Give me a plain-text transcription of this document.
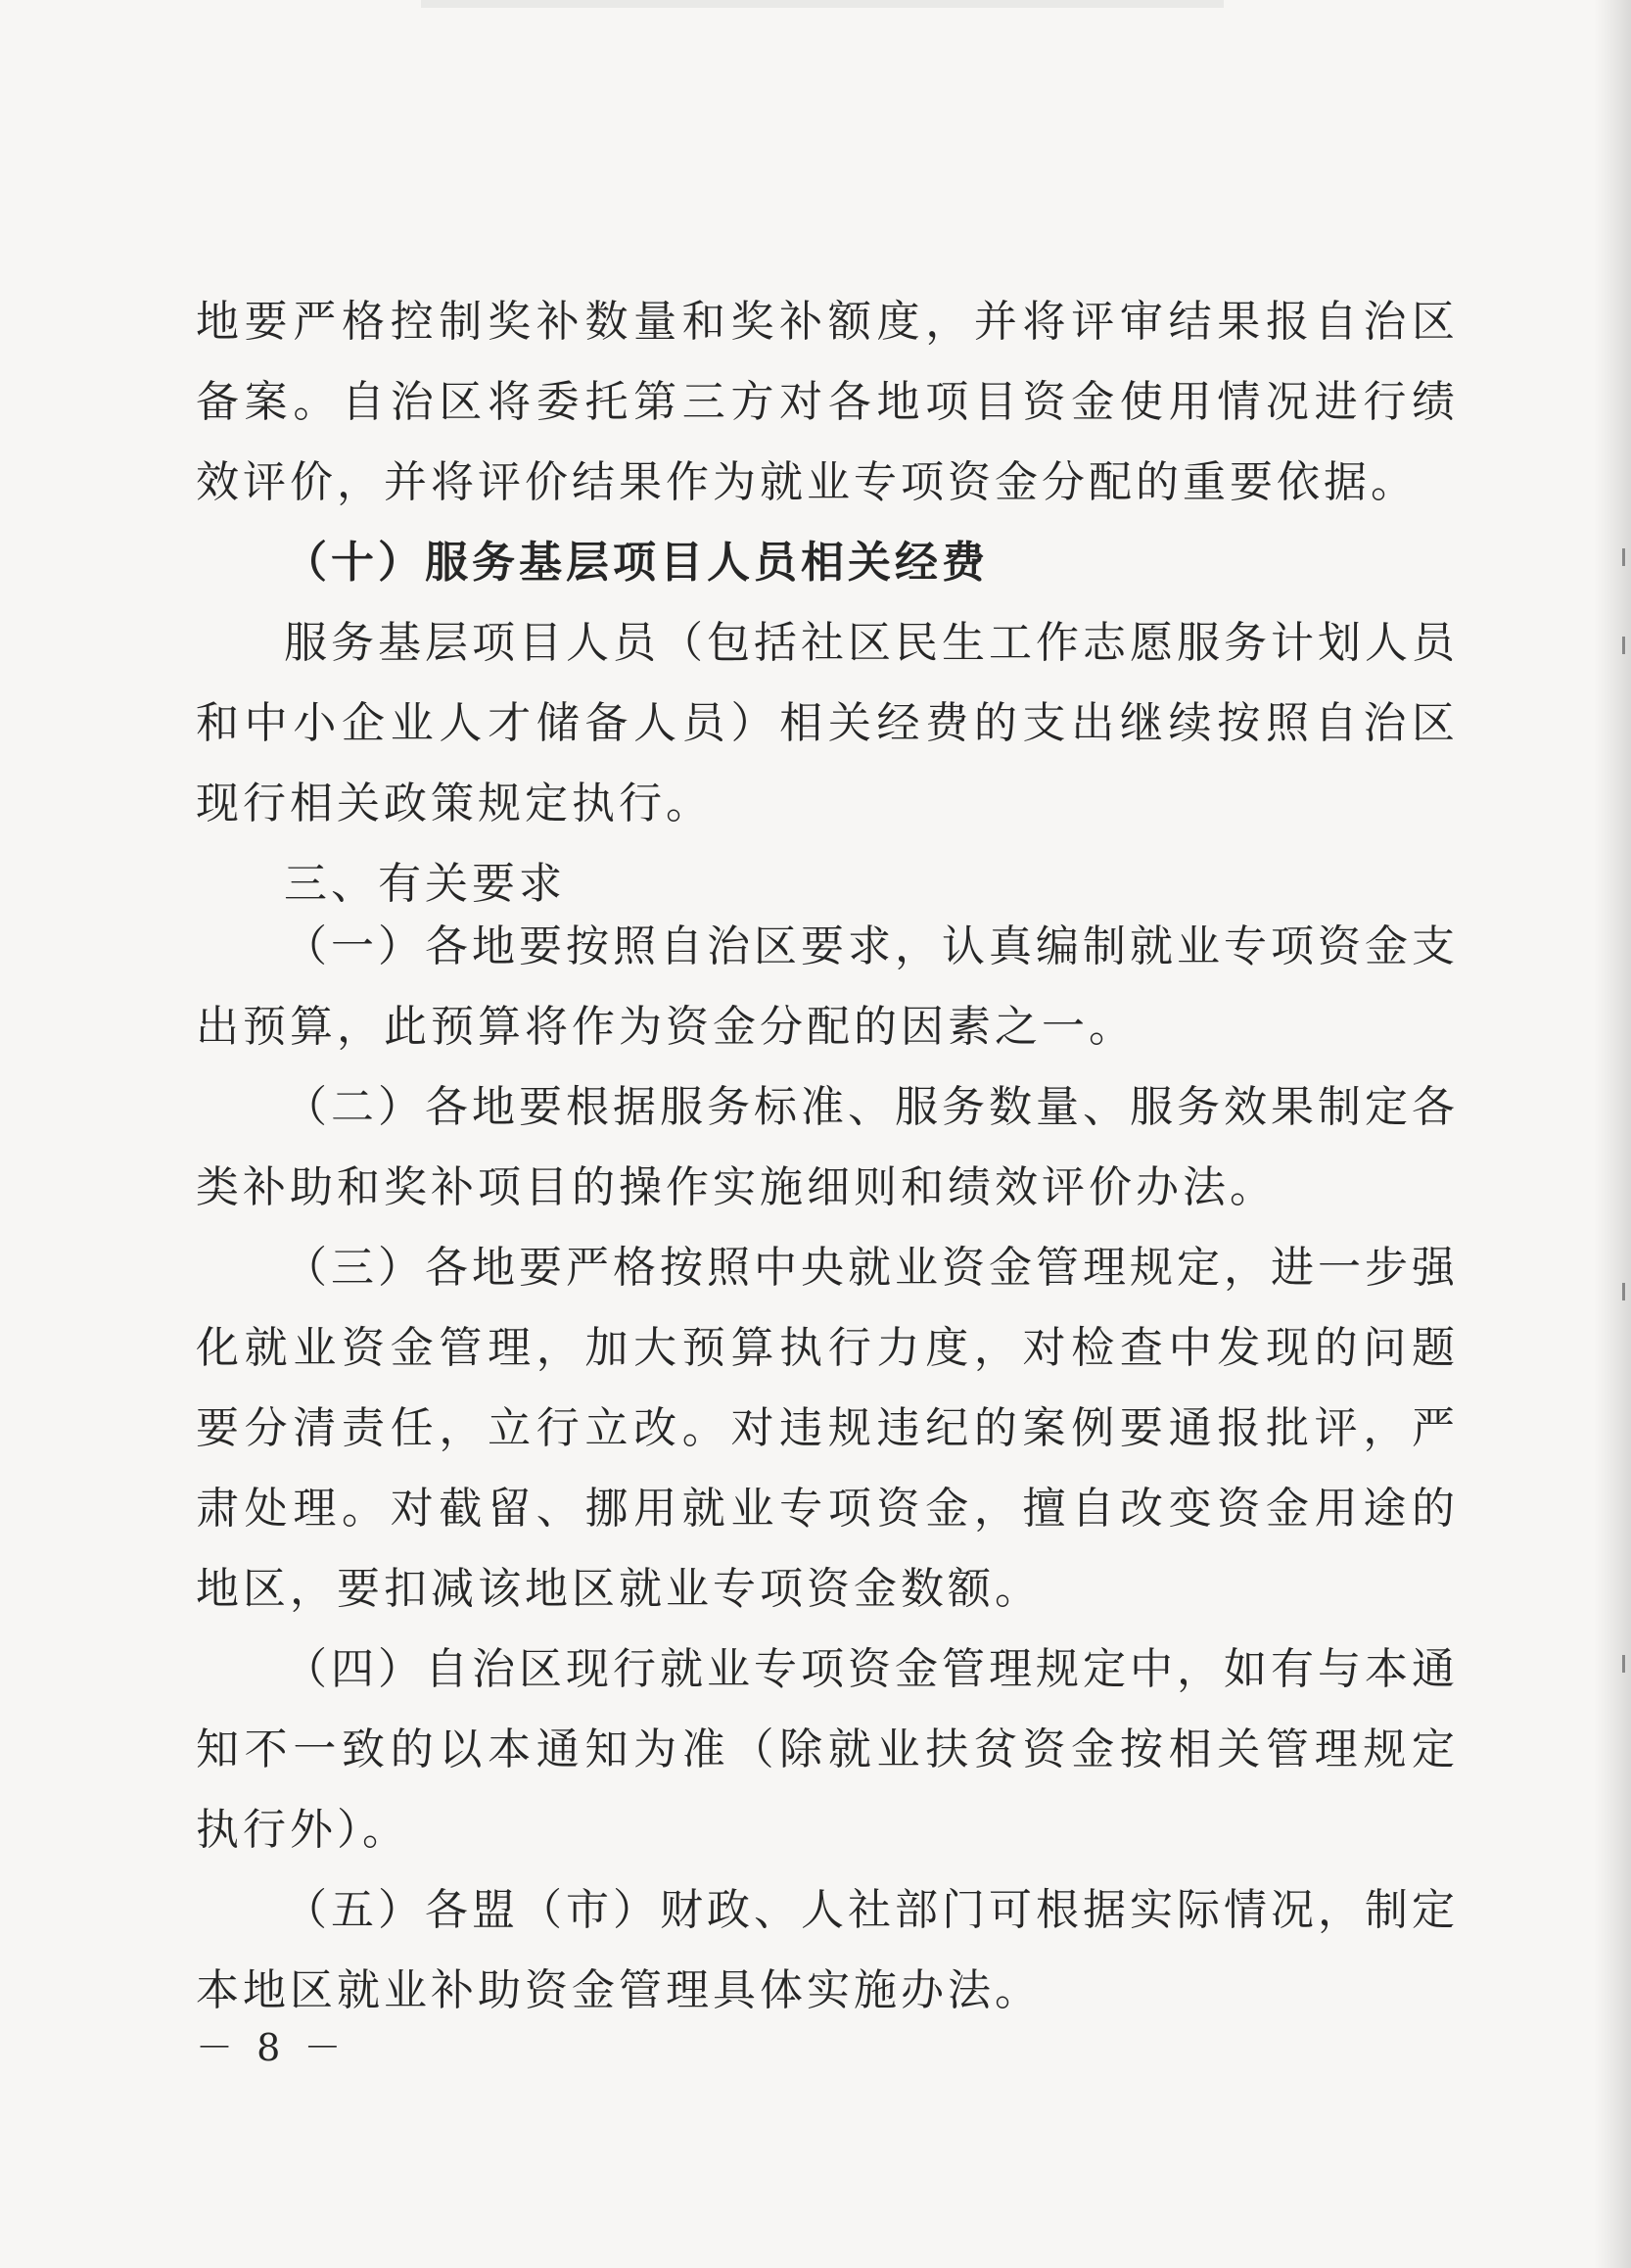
地要严格控制奖补数量和奖补额度，并将评审结果报自治区备案。自治区将委托第三方对各地项目资金使用情况进行绩效评价，并将评价结果作为就业专项资金分配的重要依据。

（十）服务基层项目人员相关经费

服务基层项目人员（包括社区民生工作志愿服务计划人员和中小企业人才储备人员）相关经费的支出继续按照自治区现行相关政策规定执行。

三、有关要求

（一）各地要按照自治区要求，认真编制就业专项资金支出预算，此预算将作为资金分配的因素之一。

（二）各地要根据服务标准、服务数量、服务效果制定各类补助和奖补项目的操作实施细则和绩效评价办法。

（三）各地要严格按照中央就业资金管理规定，进一步强化就业资金管理，加大预算执行力度，对检查中发现的问题要分清责任，立行立改。对违规违纪的案例要通报批评，严肃处理。对截留、挪用就业专项资金，擅自改变资金用途的地区，要扣减该地区就业专项资金数额。

（四）自治区现行就业专项资金管理规定中，如有与本通知不一致的以本通知为准（除就业扶贫资金按相关管理规定执行外）。

（五）各盟（市）财政、人社部门可根据实际情况，制定本地区就业补助资金管理具体实施办法。

－ 8 －
